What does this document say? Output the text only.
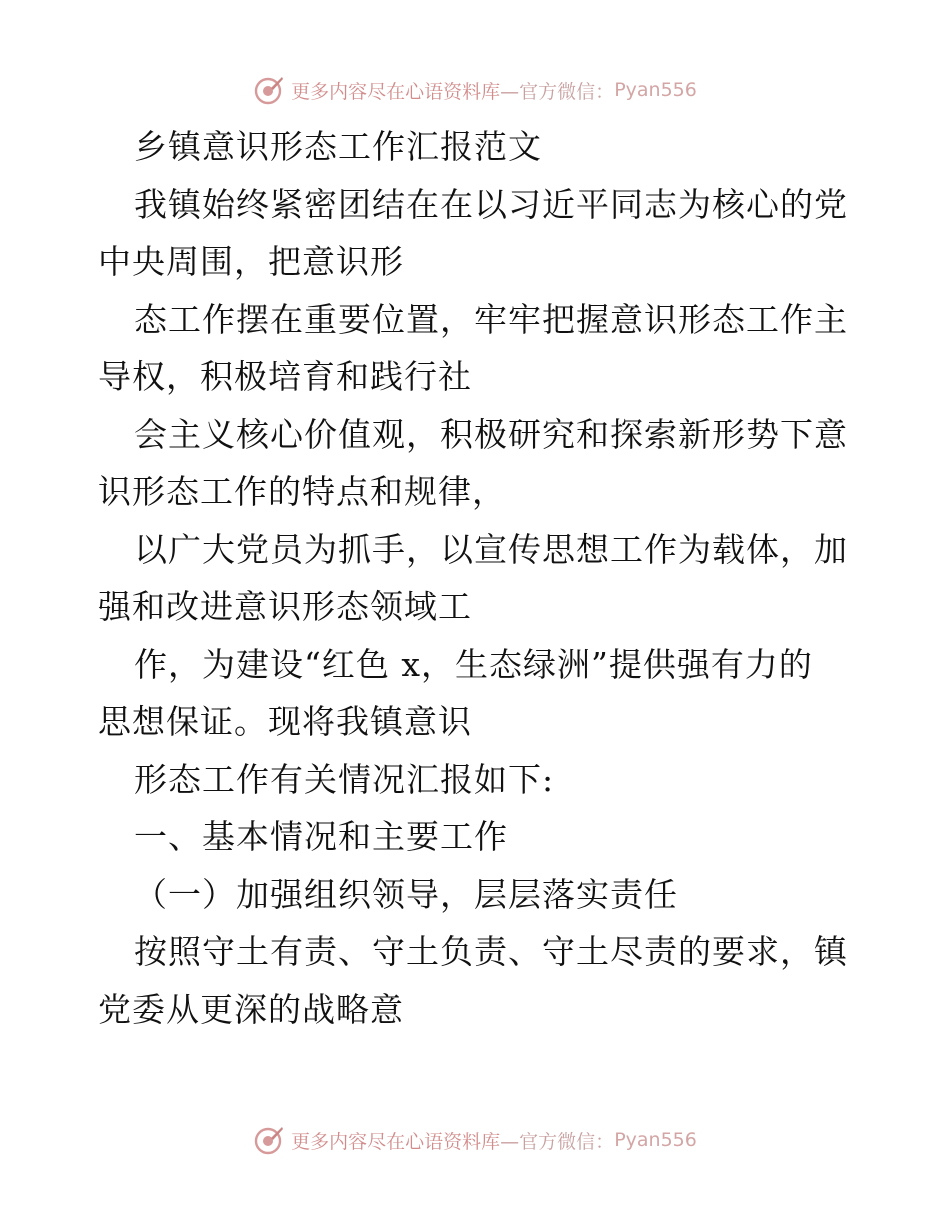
更多内容尽在心语资料库 —官方微信： Pyan556
乡镇意识形态工作汇报范文
我镇始终紧密团结在在以习近平同志为核心的党
中央周围，把意识形
态工作摆在重要位置，牢牢把握意识形态工作主
导权，积极培育和践行社
会主义核心价值观，积极研究和探索新形势下意
识形态工作的特点和规律，
以广大党员为抓手，以宣传思想工作为载体，加
强和改进意识形态领域工
作，为建设“红色 x，生态绿洲”提供强有力的
思想保证。现将我镇意识
形态工作有关情况汇报如下:
一、基本情况和主要工作
（一）加强组织领导，层层落实责任
按照守土有责、守土负责、守土尽责的要求，镇
党委从更深的战略意
更多内容尽在心语资料库 —官方微信： Pyan556
